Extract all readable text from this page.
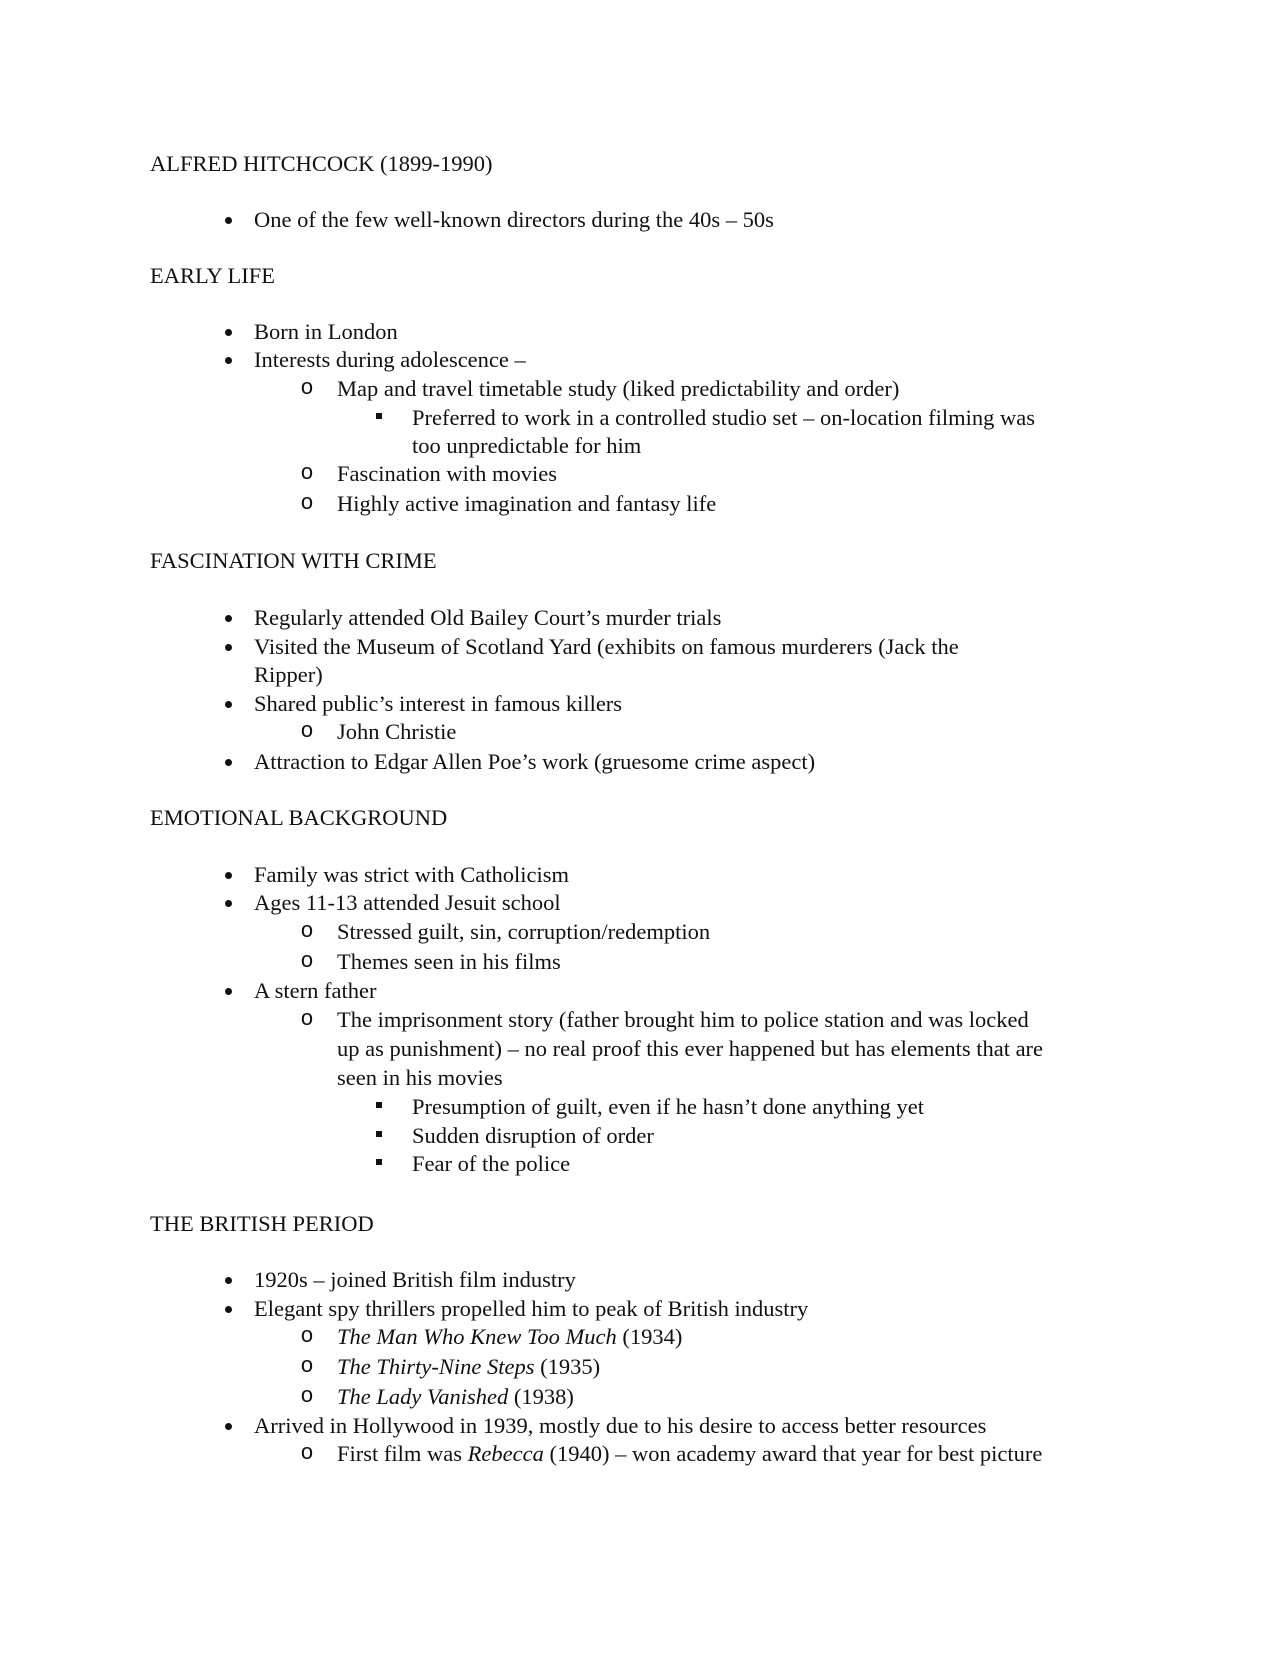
ALFRED HITCHCOCK (1899-1990)
One of the few well-known directors during the 40s – 50s
EARLY LIFE
Born in London
Interests during adolescence –
o Map and travel timetable study (liked predictability and order)
Preferred to work in a controlled studio set – on-location filming was
too unpredictable for him
o Fascination with movies
o Highly active imagination and fantasy life
FASCINATION WITH CRIME
Regularly attended Old Bailey Court’s murder trials
Visited the Museum of Scotland Yard (exhibits on famous murderers (Jack the
Ripper)
Shared public’s interest in famous killers
o John Christie
Attraction to Edgar Allen Poe’s work (gruesome crime aspect)
EMOTIONAL BACKGROUND
Family was strict with Catholicism
Ages 11-13 attended Jesuit school
o Stressed guilt, sin, corruption/redemption
o Themes seen in his films
A stern father
o The imprisonment story (father brought him to police station and was locked
up as punishment) – no real proof this ever happened but has elements that are
seen in his movies
Presumption of guilt, even if he hasn’t done anything yet
Sudden disruption of order
Fear of the police
THE BRITISH PERIOD
1920s – joined British film industry
Elegant spy thrillers propelled him to peak of British industry
o The Man Who Knew Too Much (1934)
o The Thirty-Nine Steps (1935)
o The Lady Vanished (1938)
Arrived in Hollywood in 1939, mostly due to his desire to access better resources
o First film was Rebecca (1940) – won academy award that year for best picture
